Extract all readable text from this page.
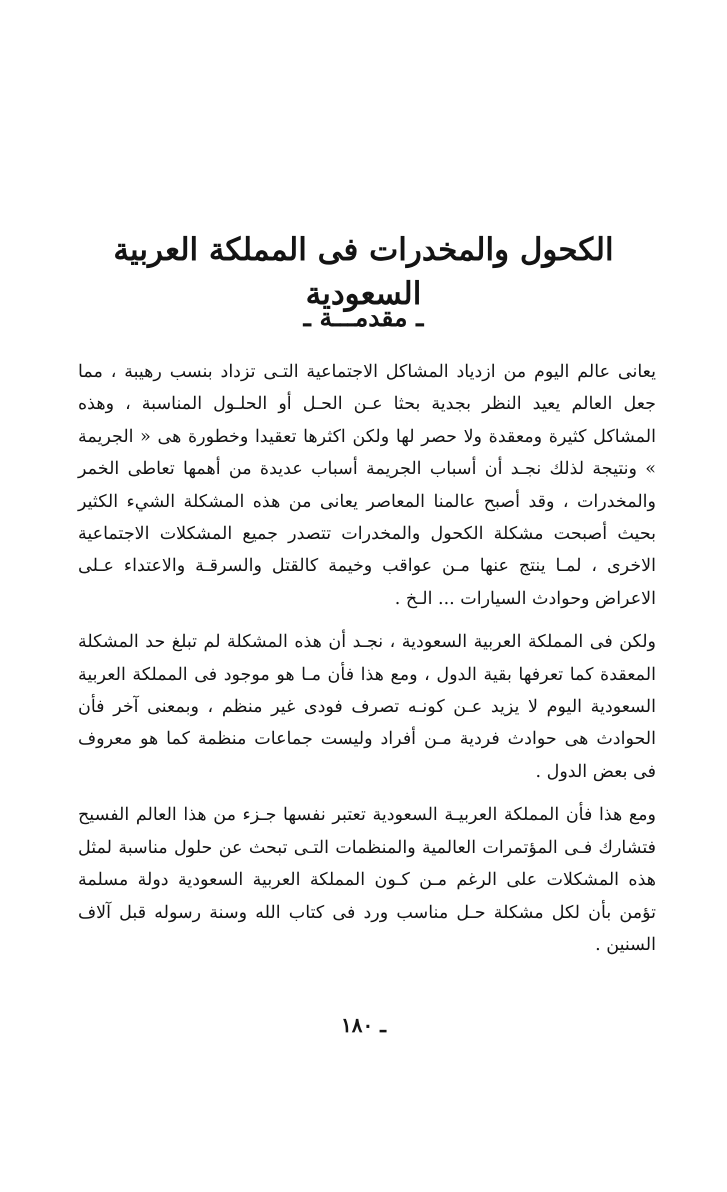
الكحول والمخدرات فى المملكة العربية السعودية
ـ مقدمـــة ـ

يعانى عالم اليوم من ازدياد المشاكل الاجتماعية التـى تزداد بنسب رهيبة ، مما جعل العالم يعيد النظر بجدية بحثا عـن الحـل أو الحلـول المناسبة ، وهذه المشاكل كثيرة ومعقدة ولا حصر لها ولكن اكثرها تعقيدا وخطورة هى « الجريمة » ونتيجة لذلك نجـد أن أسباب الجريمة أسباب عديدة من أهمها تعاطى الخمر والمخدرات ، وقد أصبح عالمنا المعاصر يعانى من هذه المشكلة الشيء الكثير بحيث أصبحت مشكلة الكحول والمخدرات تتصدر جميع المشكلات الاجتماعية الاخرى ، لمـا ينتج عنها مـن عواقب وخيمة كالقتل والسرقـة والاعتداء عـلى الاعراض وحوادث السيارات ... الـخ .

ولكن فى المملكة العربية السعودية ، نجـد أن هذه المشكلة لم تبلغ حد المشكلة المعقدة كما تعرفها بقية الدول ، ومع هذا فأن مـا هو موجود فى المملكة العربية السعودية اليوم لا يزيد عـن كونـه تصرف فودى غير منظم ، وبمعنى آخر فأن الحوادث هى حوادث فردية مـن أفراد وليست جماعات منظمة كما هو معروف فى بعض الدول .

ومع هذا فأن المملكة العربيـة السعودية تعتبر نفسها جـزء من هذا العالم الفسيح فتشارك فـى المؤتمرات العالمية والمنظمات التـى تبحث عن حلول مناسبة لمثل هذه المشكلات على الرغم مـن كـون المملكة العربية السعودية دولة مسلمة تؤمن بأن لكل مشكلة حـل مناسب ورد فى كتاب الله وسنة رسوله قبل آلاف السنين .

ـ ١٨٠
